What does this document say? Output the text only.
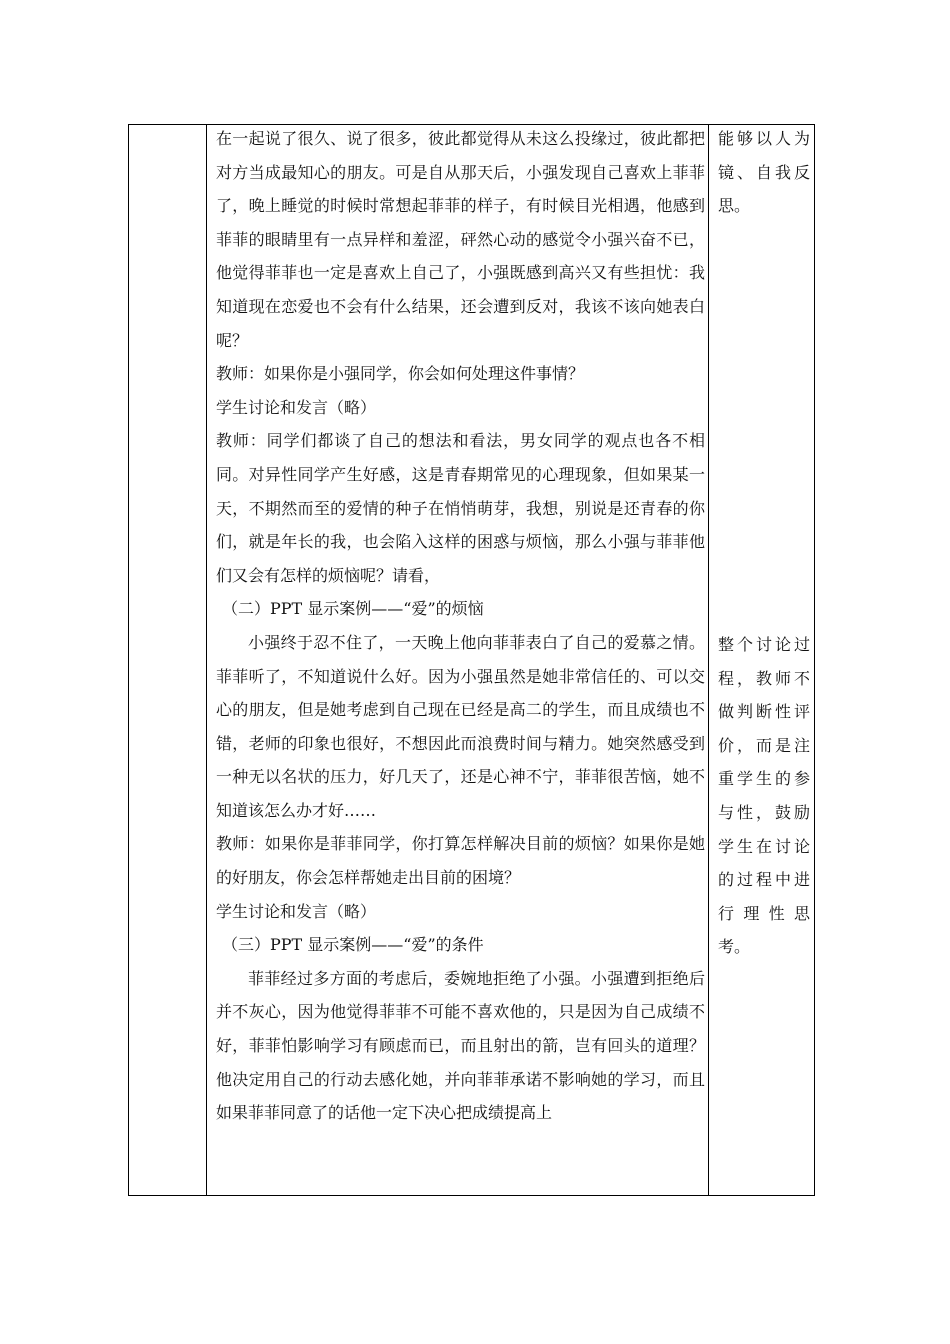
在一起说了很久、说了很多，彼此都觉得从未这么投缘过，彼此都把对方当成最知心的朋友。可是自从那天后，小强发现自己喜欢上菲菲了，晚上睡觉的时候时常想起菲菲的样子，有时候目光相遇，他感到菲菲的眼睛里有一点异样和羞涩，砰然心动的感觉令小强兴奋不已，他觉得菲菲也一定是喜欢上自己了，小强既感到高兴又有些担忧：我知道现在恋爱也不会有什么结果，还会遭到反对，我该不该向她表白呢？

教师：如果你是小强同学，你会如何处理这件事情？

学生讨论和发言（略）

教师：同学们都谈了自己的想法和看法，男女同学的观点也各不相同。对异性同学产生好感，这是青春期常见的心理现象，但如果某一天，不期然而至的爱情的种子在悄悄萌芽，我想，别说是还青春的你们，就是年长的我，也会陷入这样的困惑与烦恼，那么小强与菲菲他们又会有怎样的烦恼呢？请看，

（二）PPT 显示案例——“爱”的烦恼

小强终于忍不住了，一天晚上他向菲菲表白了自己的爱慕之情。菲菲听了，不知道说什么好。因为小强虽然是她非常信任的、可以交心的朋友，但是她考虑到自己现在已经是高二的学生，而且成绩也不错，老师的印象也很好，不想因此而浪费时间与精力。她突然感受到一种无以名状的压力，好几天了，还是心神不宁，菲菲很苦恼，她不知道该怎么办才好……

教师：如果你是菲菲同学，你打算怎样解决目前的烦恼？如果你是她的好朋友，你会怎样帮她走出目前的困境？

学生讨论和发言（略）

（三）PPT 显示案例——“爱”的条件

菲菲经过多方面的考虑后，委婉地拒绝了小强。小强遭到拒绝后并不灰心，因为他觉得菲菲不可能不喜欢他的，只是因为自己成绩不好，菲菲怕影响学习有顾虑而已，而且射出的箭，岂有回头的道理？他决定用自己的行动去感化她，并向菲菲承诺不影响她的学习，而且如果菲菲同意了的话他一定下决心把成绩提高上

能够以人为镜、自我反思。
整个讨论过程，教师不做判断性评价，而是注重学生的参与性，鼓励学生在讨论的过程中进行理性思考。
